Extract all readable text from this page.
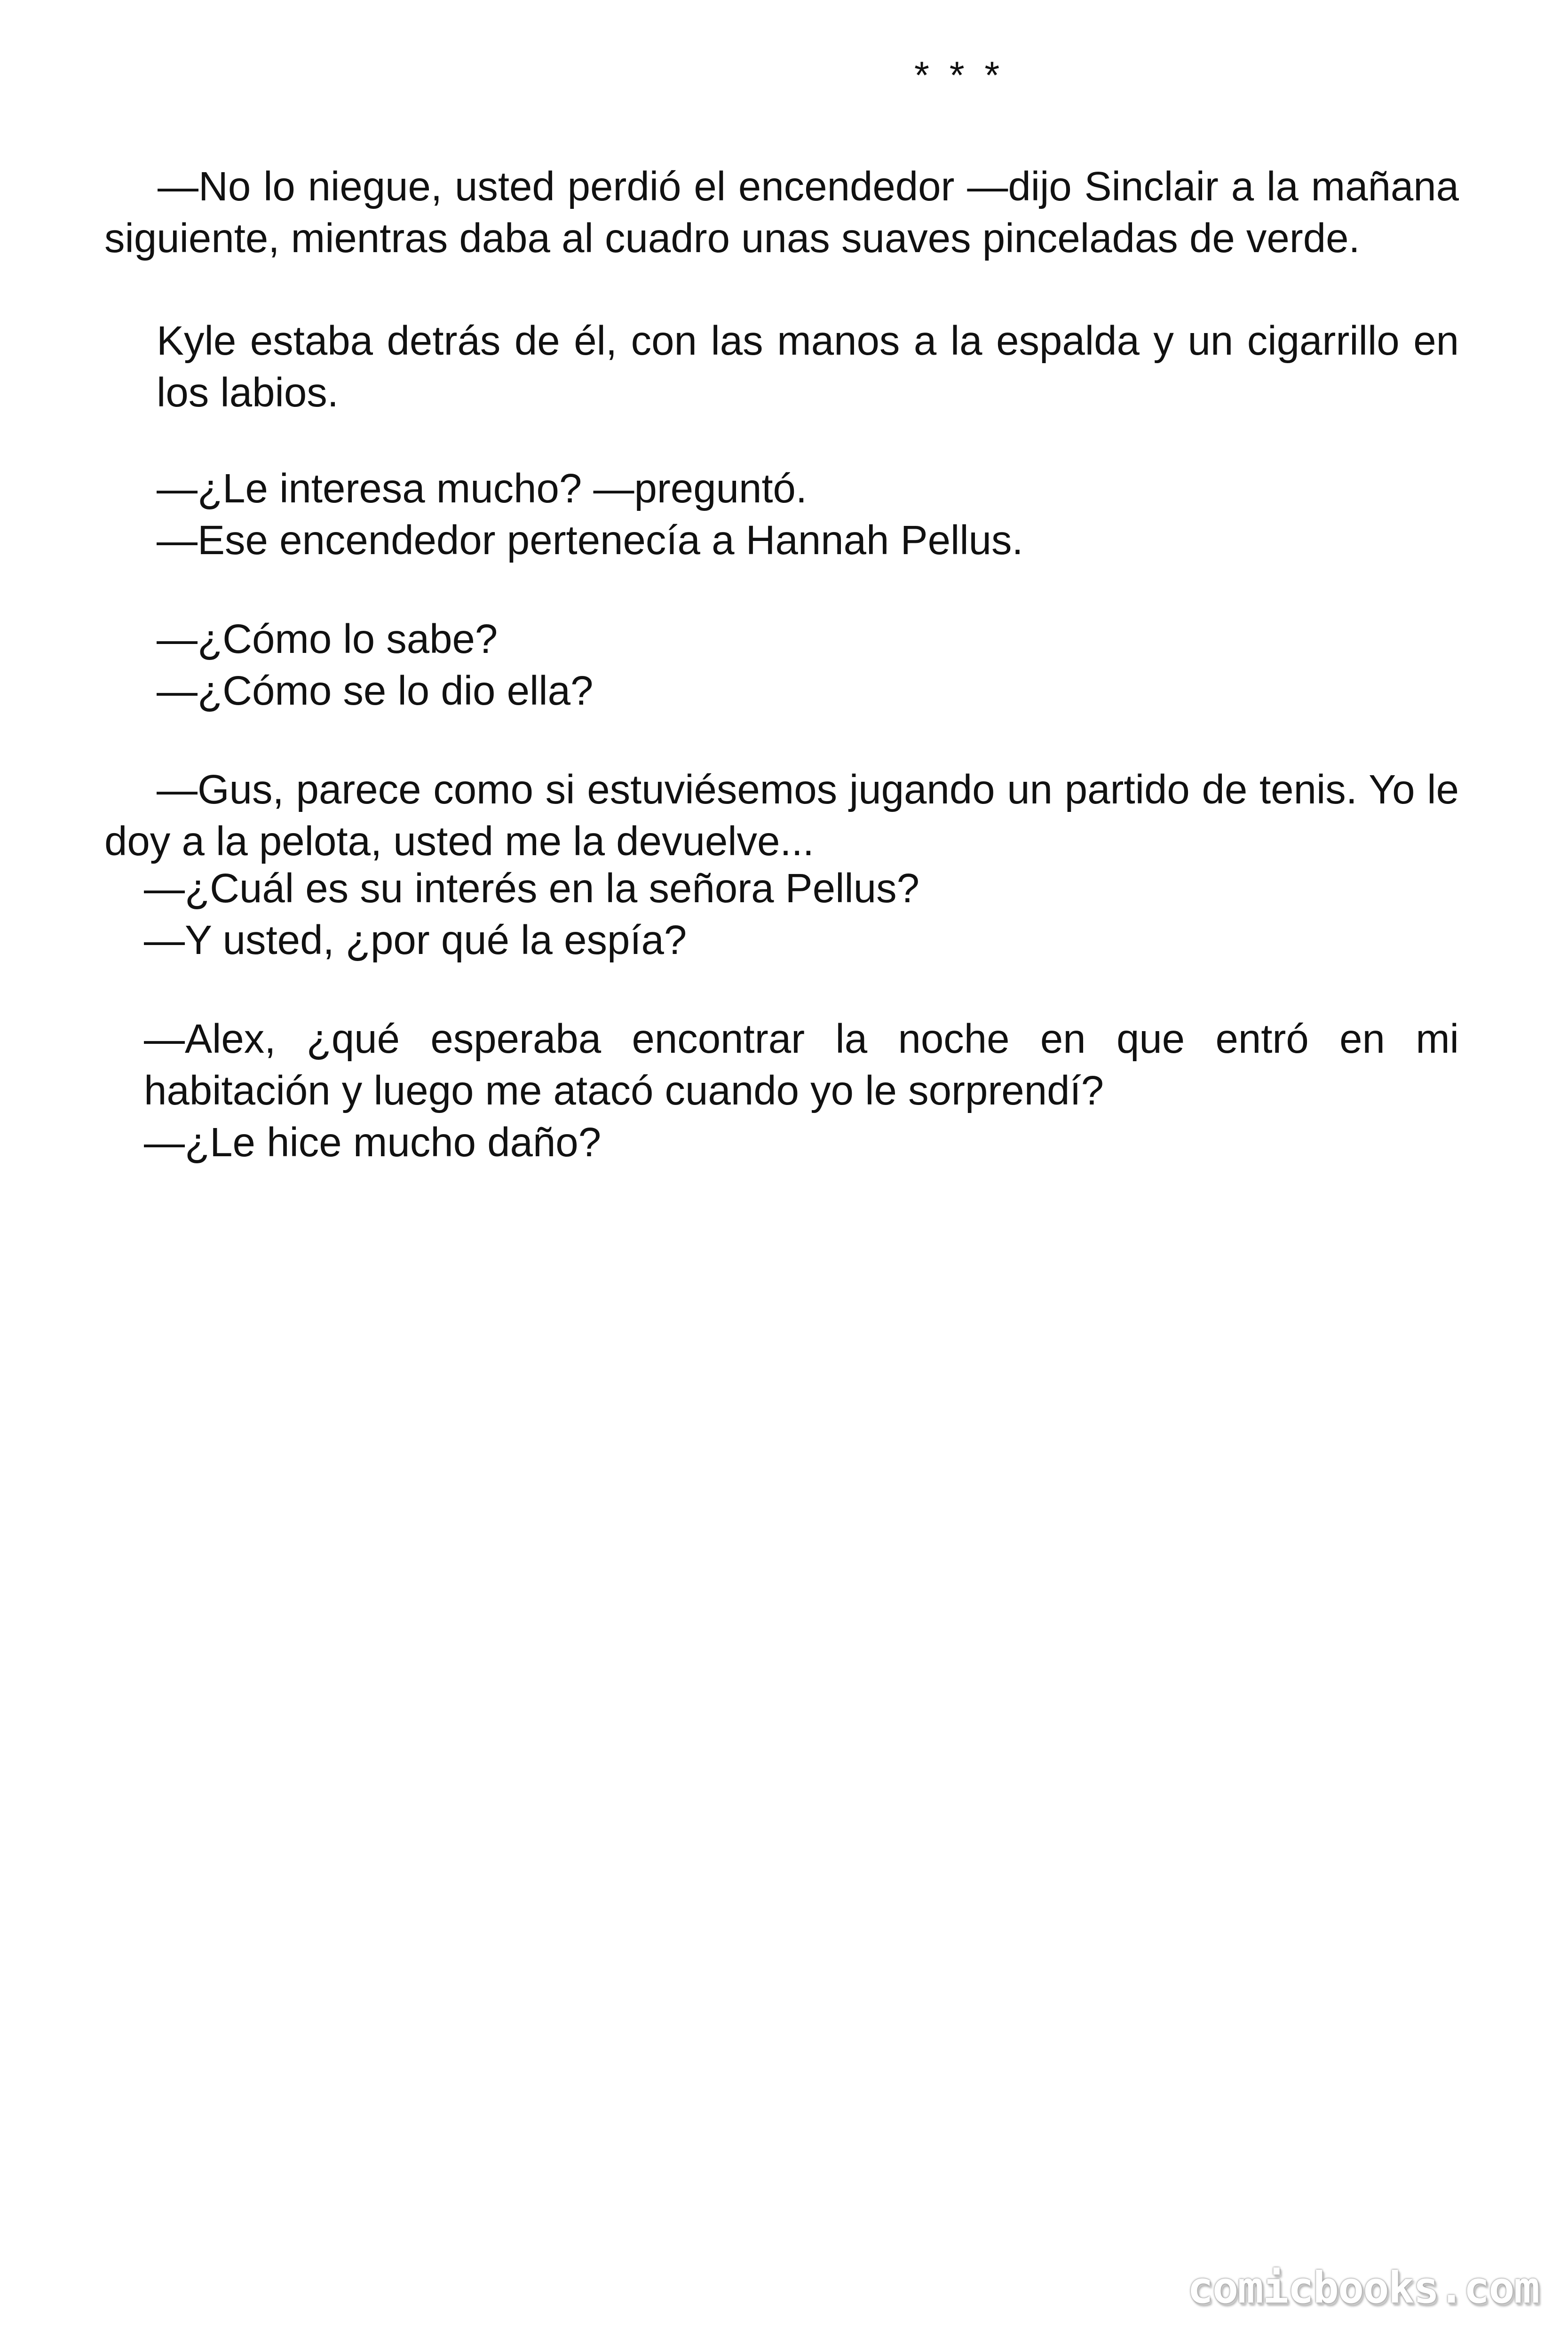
* * *

—No lo niegue, usted perdió el encendedor —dijo Sinclair a la mañana siguiente, mientras daba al cuadro unas suaves pinceladas de verde.

Kyle estaba detrás de él, con las manos a la espalda y un cigarrillo en los labios.

—¿Le interesa mucho? —preguntó.

—Ese encendedor pertenecía a Hannah Pellus.

—¿Cómo lo sabe?

—¿Cómo se lo dio ella?

—Gus, parece como si estuviésemos jugando un partido de tenis. Yo le doy a la pelota, usted me la devuelve...

—¿Cuál es su interés en la señora Pellus?

—Y usted, ¿por qué la espía?

—Alex, ¿qué esperaba encontrar la noche en que entró en mi habitación y luego me atacó cuando yo le sorprendí?

—¿Le hice mucho daño?

comicbooks.com
